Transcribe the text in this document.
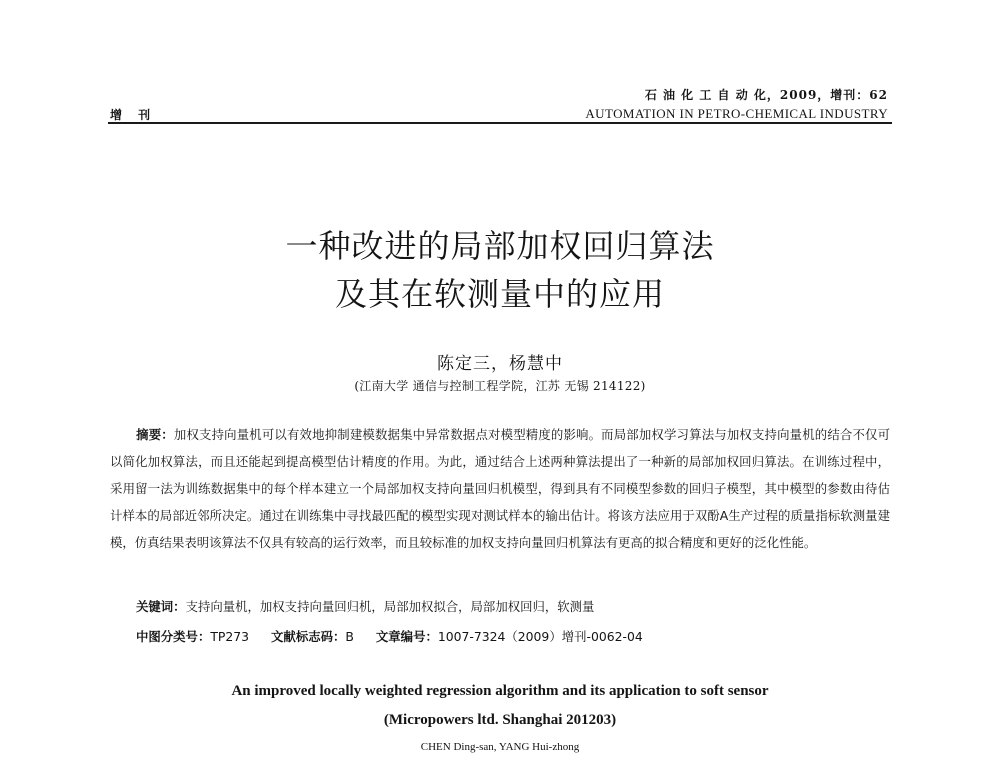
石 油 化 工 自 动 化，2009，增刊：62
增 刊	AUTOMATION IN PETRO-CHEMICAL INDUSTRY
一种改进的局部加权回归算法
及其在软测量中的应用
陈定三，杨慧中
(江南大学 通信与控制工程学院，江苏 无锡 214122)

摘要：加权支持向量机可以有效地抑制建模数据集中异常数据点对模型精度的影响。而局部加权学习算法与加权支持向量机的结合不仅可以简化加权算法，而且还能起到提高模型估计精度的作用。为此，通过结合上述两种算法提出了一种新的局部加权回归算法。在训练过程中，采用留一法为训练数据集中的每个样本建立一个局部加权支持向量回归机模型，得到具有不同模型参数的回归子模型，其中模型的参数由待估计样本的局部近邻所决定。通过在训练集中寻找最匹配的模型实现对测试样本的输出估计。将该方法应用于双酚A生产过程的质量指标软测量建模，仿真结果表明该算法不仅具有较高的运行效率，而且较标准的加权支持向量回归机算法有更高的拟合精度和更好的泛化性能。

关键词：支持向量机，加权支持向量回归机，局部加权拟合，局部加权回归，软测量
中图分类号：TP273 文献标志码：B 文章编号：1007-7324（2009）增刊-0062-04
An improved locally weighted regression algorithm and its application to soft sensor
(Micropowers ltd. Shanghai 201203)
CHEN Ding-san, YANG Hui-zhong
